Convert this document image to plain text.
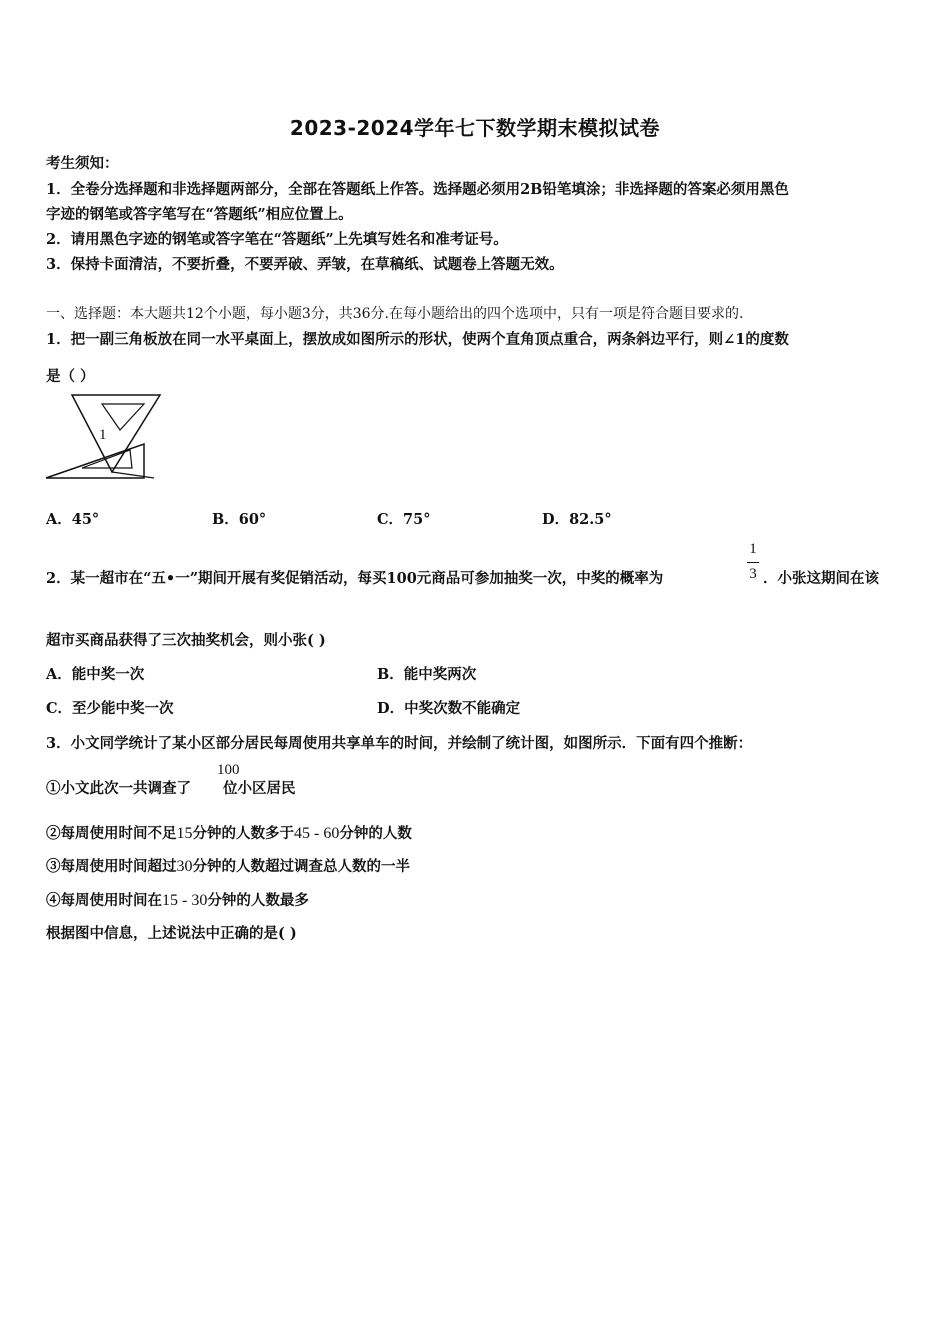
2023-2024学年七下数学期末模拟试卷
考生须知：
1．全卷分选择题和非选择题两部分，全部在答题纸上作答。选择题必须用2B铅笔填涂；非选择题的答案必须用黑色
字迹的钢笔或答字笔写在“答题纸”相应位置上。
2．请用黑色字迹的钢笔或答字笔在“答题纸”上先填写姓名和准考证号。
3．保持卡面清洁，不要折叠，不要弄破、弄皱，在草稿纸、试题卷上答题无效。
一、选择题：本大题共12个小题，每小题3分，共36分.在每小题给出的四个选项中，只有一项是符合题目要求的.
1．把一副三角板放在同一水平桌面上，摆放成如图所示的形状，使两个直角顶点重合，两条斜边平行，则∠1的度数
是（ ）
1
A．45°	B．60°	C．75°	D．82.5°
2．某一超市在“五•一”期间开展有奖促销活动，每买100元商品可参加抽奖一次，中奖的概率为
1
3 ．小张这期间在该
超市买商品获得了三次抽奖机会，则小张( )
A．能中奖一次	B．能中奖两次
C．至少能中奖一次	D．中奖次数不能确定
3．小文同学统计了某小区部分居民每周使用共享单车的时间，并绘制了统计图，如图所示．下面有四个推断：
①小文此次一共调查了 位小区居民
100
②每周使用时间不足15分钟的人数多于45 - 60分钟的人数
③每周使用时间超过30分钟的人数超过调查总人数的一半
④每周使用时间在15 - 30分钟的人数最多
根据图中信息，上述说法中正确的是( )
